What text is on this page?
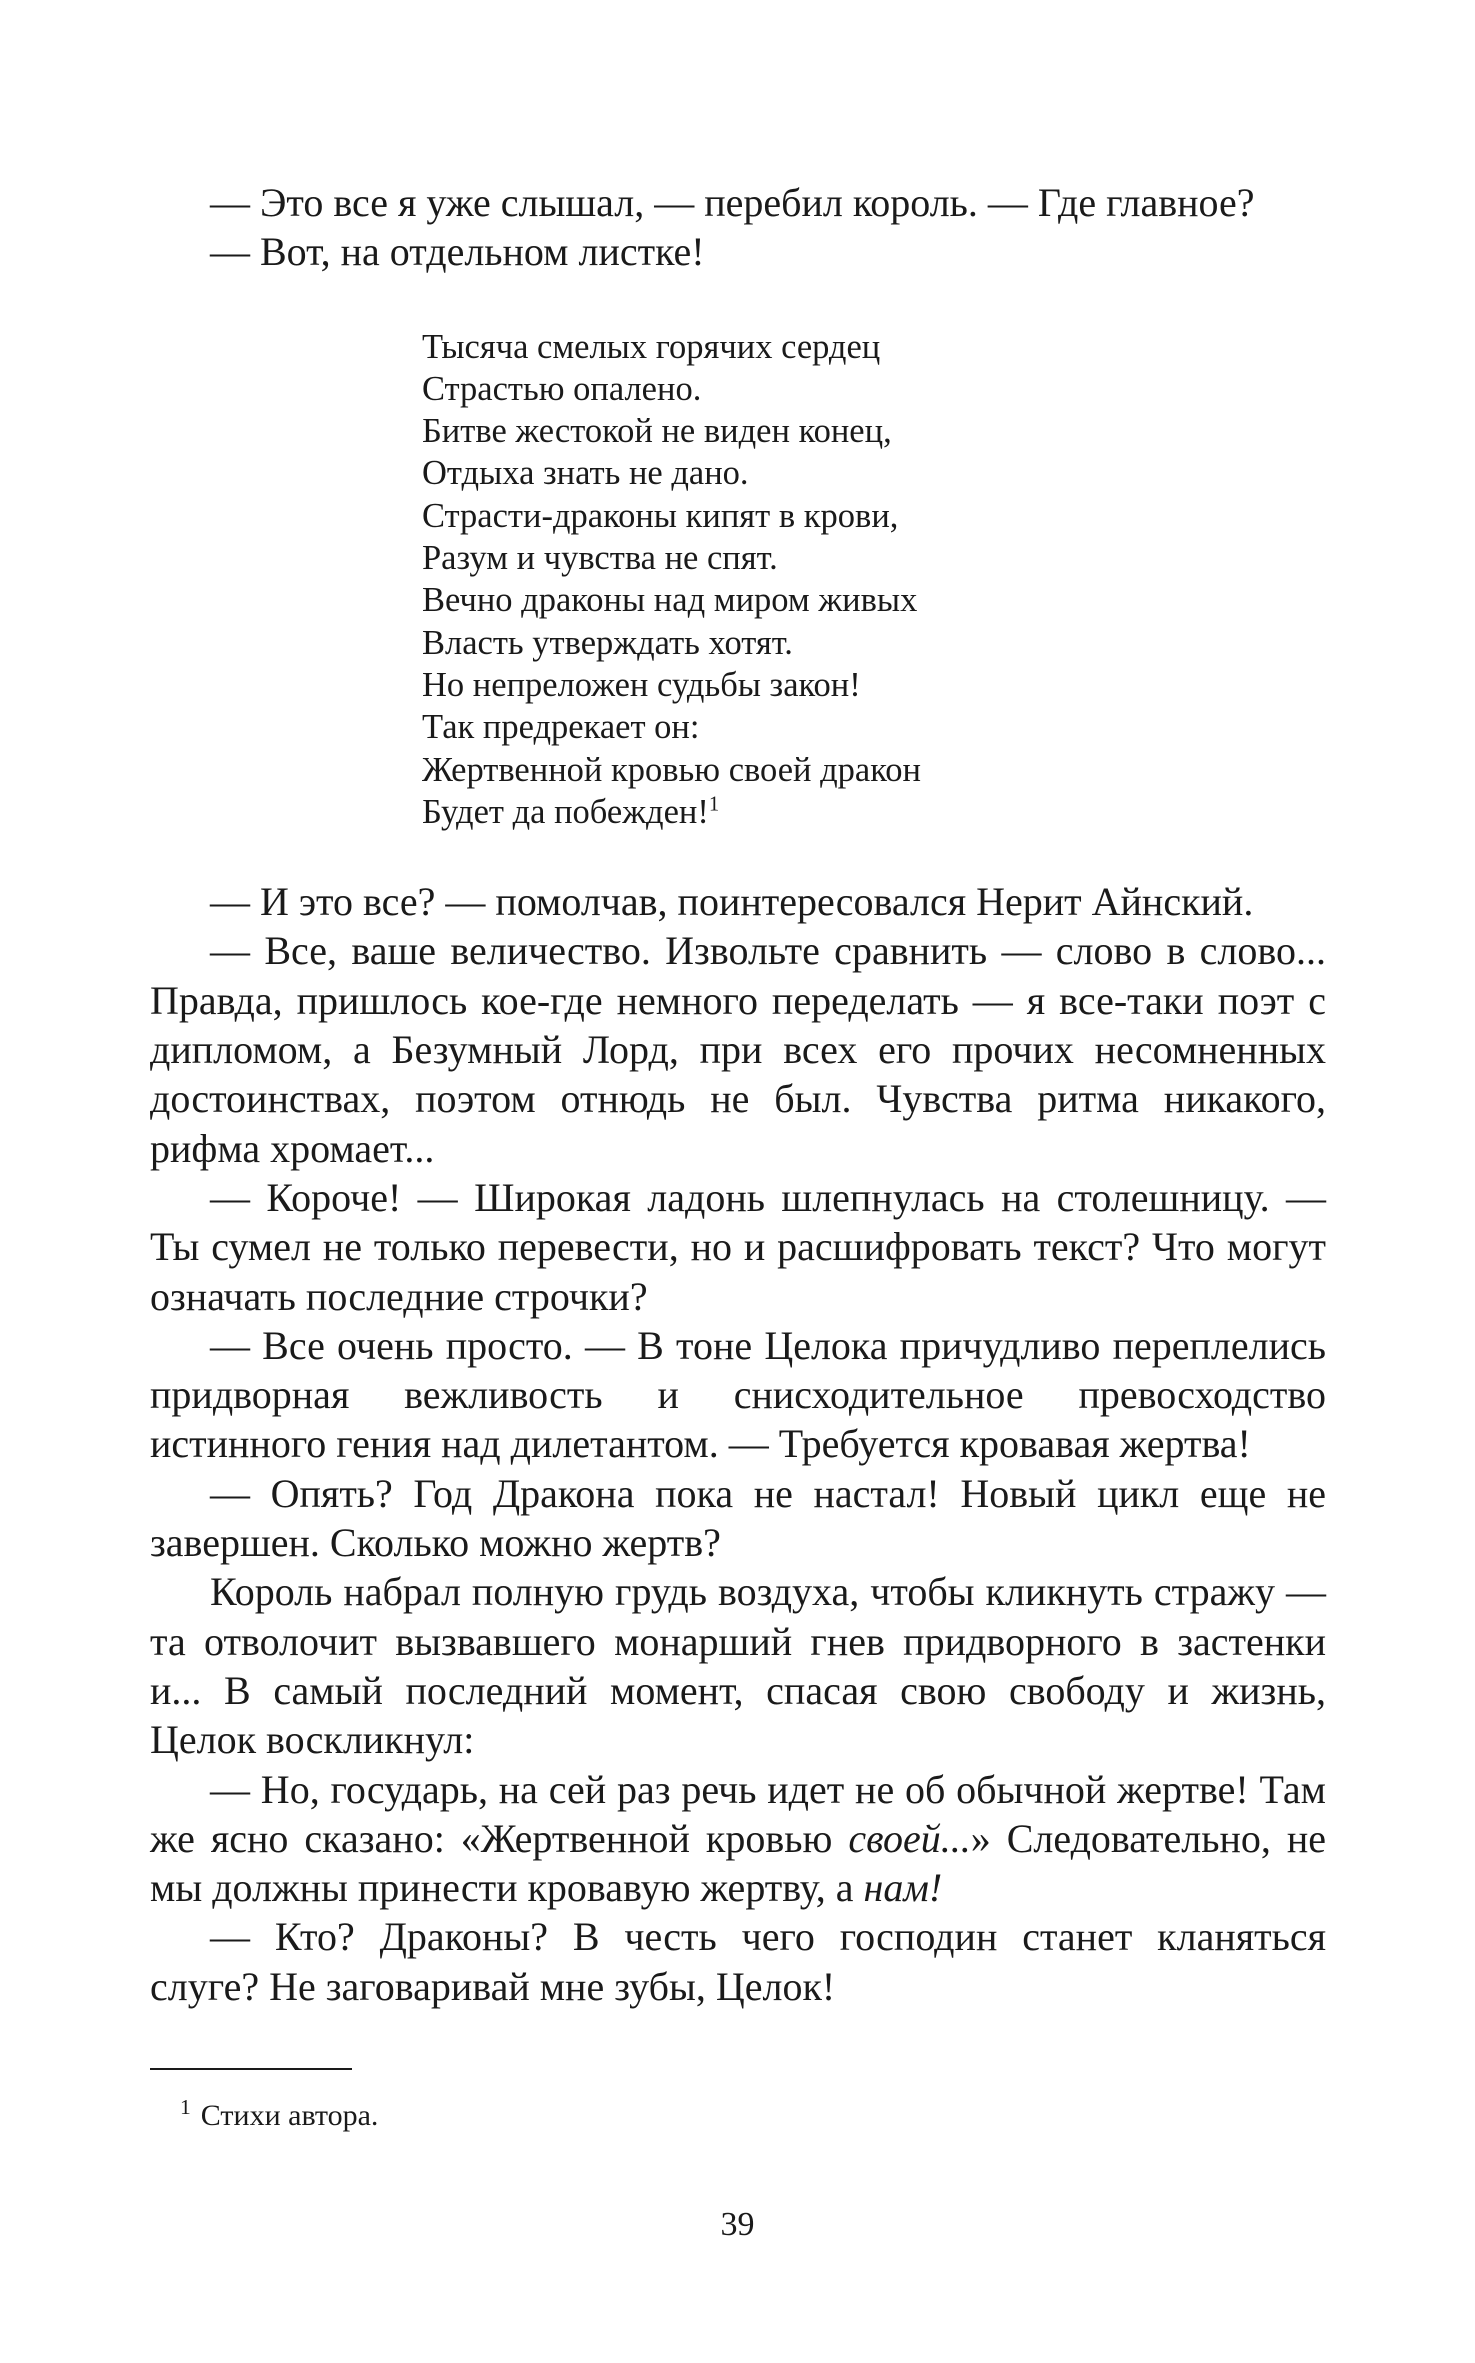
— Это все я уже слышал, — перебил король. — Где главное?

— Вот, на отдельном листке!

Тысяча смелых горячих сердец
Страстью опалено.
Битве жестокой не виден конец,
Отдыха знать не дано.
Страсти-драконы кипят в крови,
Разум и чувства не спят.
Вечно драконы над миром живых
Власть утверждать хотят.
Но непреложен судьбы закон!
Так предрекает он:
Жертвенной кровью своей дракон
Будет да побежден!$^1$

— И это все? — помолчав, поинтересовался Нерит Айнский.

— Все, ваше величество. Извольте сравнить — слово в слово... Правда, пришлось кое-где немного переделать — я все-таки поэт с дипломом, а Безумный Лорд, при всех его прочих несомненных достоинствах, поэтом отнюдь не был. Чувства ритма никакого, рифма хромает...

— Короче! — Широкая ладонь шлепнулась на столешницу. — Ты сумел не только перевести, но и расшифровать текст? Что могут означать последние строчки?

— Все очень просто. — В тоне Целока причудливо переплелись придворная вежливость и снисходительное превосходство истинного гения над дилетантом. — Требуется кровавая жертва!

— Опять? Год Дракона пока не настал! Новый цикл еще не завершен. Сколько можно жертв?

Король набрал полную грудь воздуха, чтобы кликнуть стражу — та отволочит вызвавшего монарший гнев придворного в застенки и... В самый последний момент, спасая свою свободу и жизнь, Целок воскликнул:

— Но, государь, на сей раз речь идет не об обычной жертве! Там же ясно сказано: «Жертвенной кровью своей...» Следовательно, не мы должны принести кровавую жертву, а нам!

— Кто? Драконы? В честь чего господин станет кланяться слуге? Не заговаривай мне зубы, Целок!

$^1$ Стихи автора.
39
